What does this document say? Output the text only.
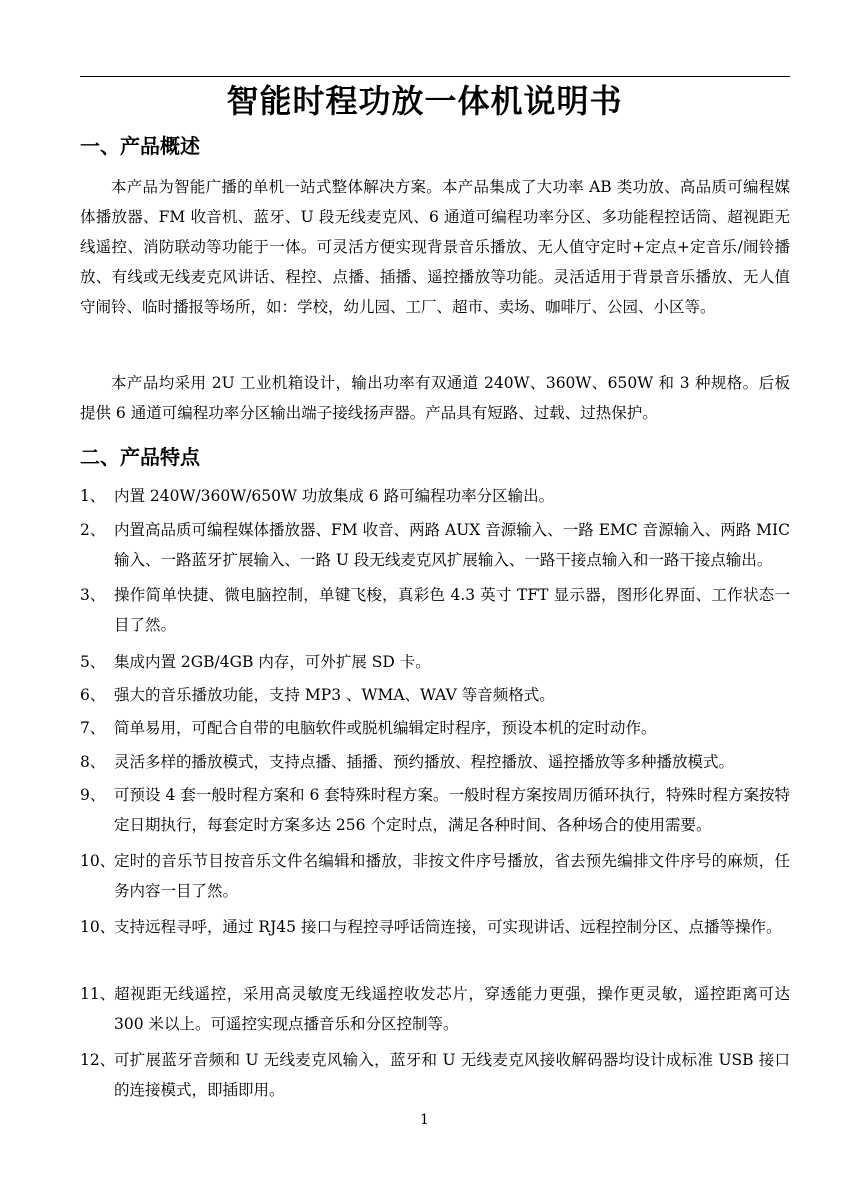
智能时程功放一体机说明书
一、产品概述

本产品为智能广播的单机一站式整体解决方案。本产品集成了大功率 AB 类功放、高品质可编程媒体播放器、FM 收音机、蓝牙、U 段无线麦克风、6 通道可编程功率分区、多功能程控话筒、超视距无线遥控、消防联动等功能于一体。可灵活方便实现背景音乐播放、无人值守定时+定点+定音乐/闹铃播放、有线或无线麦克风讲话、程控、点播、插播、遥控播放等功能。灵活适用于背景音乐播放、无人值守闹铃、临时播报等场所，如：学校，幼儿园、工厂、超市、卖场、咖啡厅、公园、小区等。

本产品均采用 2U 工业机箱设计，输出功率有双通道 240W、360W、650W 和 3 种规格。后板提供 6 通道可编程功率分区输出端子接线扬声器。产品具有短路、过载、过热保护。

二、产品特点
1、 内置 240W/360W/650W 功放集成 6 路可编程功率分区输出。
2、 内置高品质可编程媒体播放器、FM 收音、两路 AUX 音源输入、一路 EMC 音源输入、两路 MIC 输入、一路蓝牙扩展输入、一路 U 段无线麦克风扩展输入、一路干接点输入和一路干接点输出。
3、 操作简单快捷、微电脑控制，单键飞梭，真彩色 4.3 英寸 TFT 显示器，图形化界面、工作状态一目了然。
5、 集成内置 2GB/4GB 内存，可外扩展 SD 卡。
6、 强大的音乐播放功能，支持 MP3 、WMA、WAV 等音频格式。
7、 简单易用，可配合自带的电脑软件或脱机编辑定时程序，预设本机的定时动作。
8、 灵活多样的播放模式，支持点播、插播、预约播放、程控播放、遥控播放等多种播放模式。
9、 可预设 4 套一般时程方案和 6 套特殊时程方案。一般时程方案按周历循环执行，特殊时程方案按特定日期执行，每套定时方案多达 256 个定时点，满足各种时间、各种场合的使用需要。
10、
定时的音乐节目按音乐文件名编辑和播放，非按文件序号播放，省去预先编排文件序号的麻烦，任务内容一目了然。
10、
支持远程寻呼，通过 RJ45 接口与程控寻呼话筒连接，可实现讲话、远程控制分区、点播等操作。
11、
超视距无线遥控，采用高灵敏度无线遥控收发芯片，穿透能力更强，操作更灵敏，遥控距离可达 300 米以上。可遥控实现点播音乐和分区控制等。
12、
可扩展蓝牙音频和 U 无线麦克风输入，蓝牙和 U 无线麦克风接收解码器均设计成标准 USB 接口的连接模式，即插即用。
1
